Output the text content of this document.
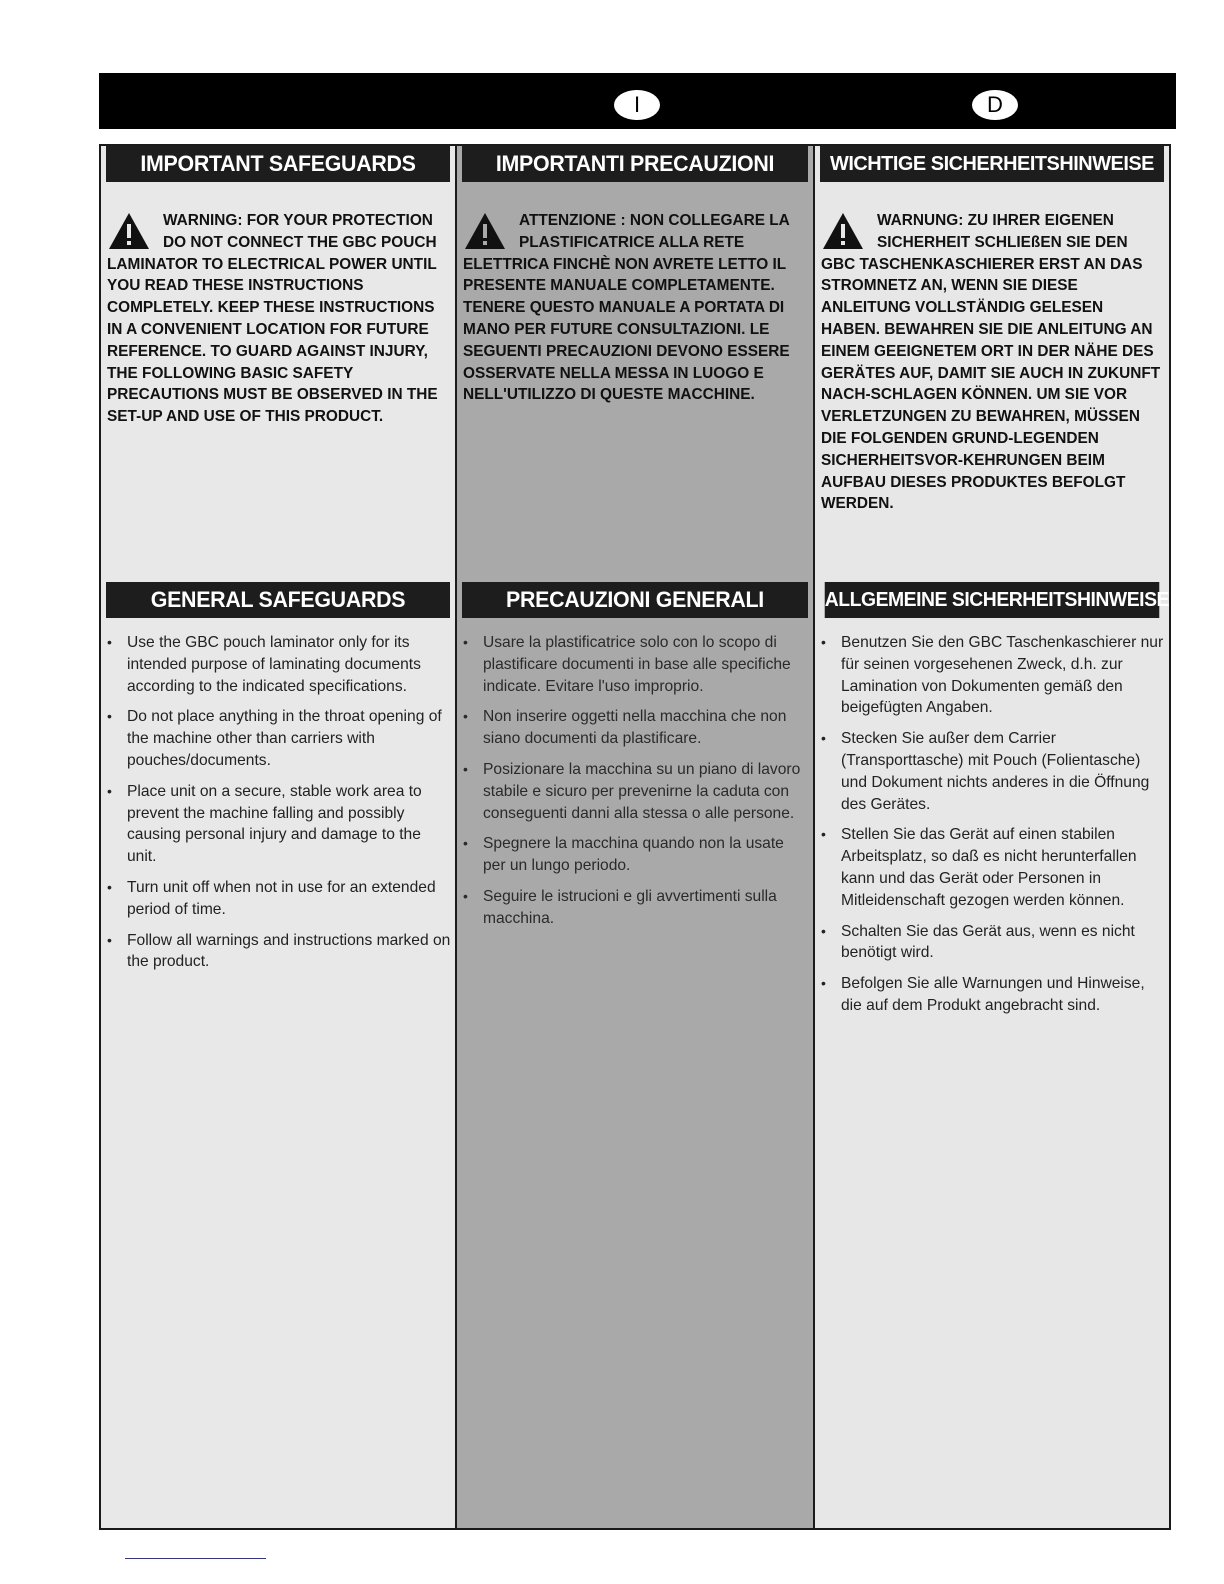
I	D
IMPORTANT SAFEGUARDS
WARNING: FOR YOUR PROTECTION DO NOT CONNECT THE GBC POUCH LAMINATOR TO ELECTRICAL POWER UNTIL YOU READ THESE INSTRUCTIONS COMPLETELY. KEEP THESE INSTRUCTIONS IN A CONVENIENT LOCATION FOR FUTURE REFERENCE. TO GUARD AGAINST INJURY, THE FOLLOWING BASIC SAFETY PRECAUTIONS MUST BE OBSERVED IN THE SET-UP AND USE OF THIS PRODUCT.
GENERAL SAFEGUARDS
• Use the GBC pouch laminator only for its intended purpose of laminating documents according to the indicated specifications.
• Do not place anything in the throat opening of the machine other than carriers with pouches/documents.
• Place unit on a secure, stable work area to prevent the machine falling and possibly causing personal injury and damage to the unit.
• Turn unit off when not in use for an extended period of time.
• Follow all warnings and instructions marked on the product.
IMPORTANTI PRECAUZIONI
ATTENZIONE : NON COLLEGARE LA PLASTIFICATRICE ALLA RETE ELETTRICA FINCHÈ NON AVRETE LETTO IL PRESENTE MANUALE COMPLETAMENTE. TENERE QUESTO MANUALE A PORTATA DI MANO PER FUTURE CONSULTAZIONI. LE SEGUENTI PRECAUZIONI DEVONO ESSERE OSSERVATE NELLA MESSA IN LUOGO E NELL'UTILIZZO DI QUESTE MACCHINE.
PRECAUZIONI GENERALI
• Usare la plastificatrice solo con lo scopo di plastificare documenti in base alle specifiche indicate. Evitare l'uso improprio.
• Non inserire oggetti nella macchina che non siano documenti da plastificare.
• Posizionare la macchina su un piano di lavoro stabile e sicuro per prevenirne la caduta con conseguenti danni alla stessa o alle persone.
• Spegnere la macchina quando non la usate per un lungo periodo.
• Seguire le istrucioni e gli avvertimenti sulla macchina.
WICHTIGE SICHERHEITSHINWEISE
WARNUNG: ZU IHRER EIGENEN SICHERHEIT SCHLIEßEN SIE DEN GBC TASCHENKASCHIERER ERST AN DAS STROMNETZ AN, WENN SIE DIESE ANLEITUNG VOLLSTÄNDIG GELESEN HABEN. BEWAHREN SIE DIE ANLEITUNG AN EINEM GEEIGNETEM ORT IN DER NÄHE DES GERÄTES AUF, DAMIT SIE AUCH IN ZUKUNFT NACH-SCHLAGEN KÖNNEN. UM SIE VOR VERLETZUNGEN ZU BEWAHREN, MÜSSEN DIE FOLGENDEN GRUND-LEGENDEN SICHERHEITSVOR-KEHRUNGEN BEIM AUFBAU DIESES PRODUKTES BEFOLGT WERDEN.
ALLGEMEINE SICHERHEITSHINWEISE
• Benutzen Sie den GBC Taschenkaschierer nur für seinen vorgesehenen Zweck, d.h. zur Lamination von Dokumenten gemäß den beigefügten Angaben.
• Stecken Sie außer dem Carrier (Transporttasche) mit Pouch (Folientasche) und Dokument nichts anderes in die Öffnung des Gerätes.
• Stellen Sie das Gerät auf einen stabilen Arbeitsplatz, so daß es nicht herunterfallen kann und das Gerät oder Personen in Mitleidenschaft gezogen werden können.
• Schalten Sie das Gerät aus, wenn es nicht benötigt wird.
• Befolgen Sie alle Warnungen und Hinweise, die auf dem Produkt angebracht sind.
